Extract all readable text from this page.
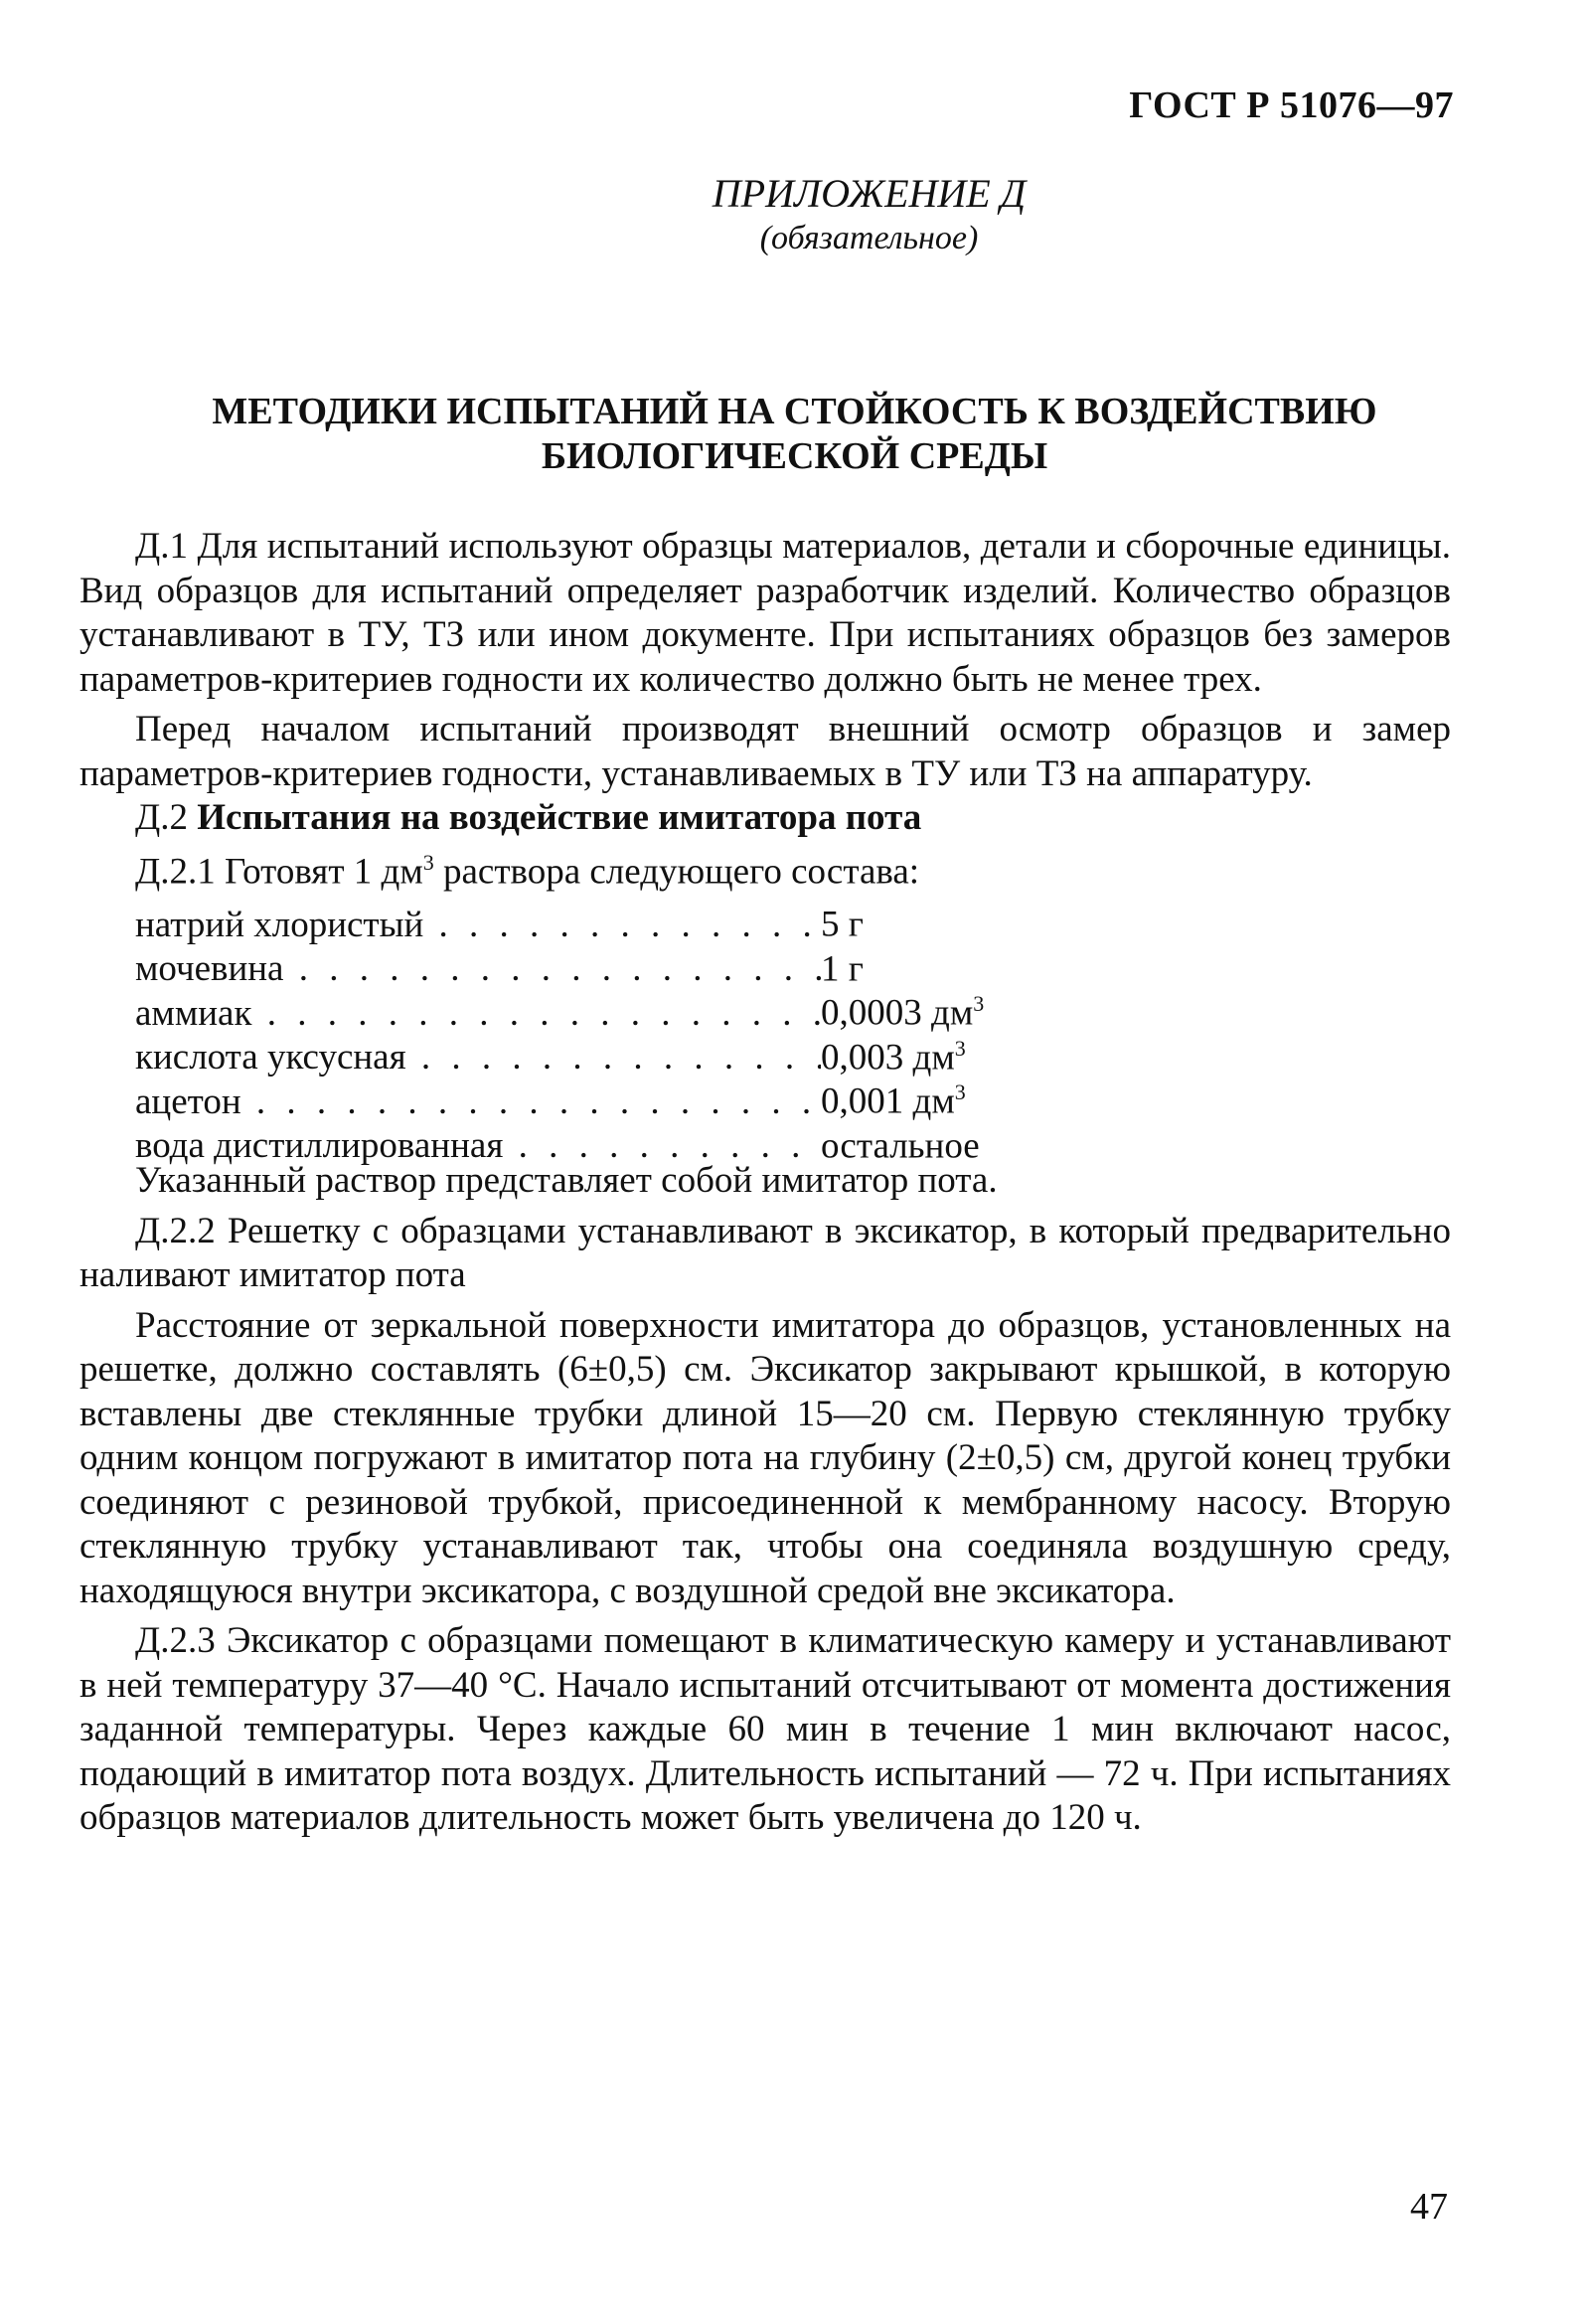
ГОСТ Р 51076—97
ПРИЛОЖЕНИЕ Д
(обязательное)
МЕТОДИКИ ИСПЫТАНИЙ НА СТОЙКОСТЬ К ВОЗДЕЙСТВИЮ
БИОЛОГИЧЕСКОЙ СРЕДЫ

Д.1 Для испытаний используют образцы материалов, детали и сборочные единицы. Вид образцов для испытаний определяет разработчик изделий. Количество образцов устанавливают в ТУ, ТЗ или ином документе. При испытаниях образцов без замеров параметров-критериев годности их количество должно быть не менее трех.

Перед началом испытаний производят внешний осмотр образцов и замер параметров-критериев годности, устанавливаемых в ТУ или ТЗ на аппаратуру.

Д.2 Испытания на воздействие имитатора пота

Д.2.1 Готовят 1 $дм^3$ раствора следующего состава:

натрий хлористый . . .	5 г
мочевина . . .	1 г
аммиак . . .	0,0003 $дм^3$
кислота уксусная . . .	0,003 $дм^3$
ацетон . . .	0,001 $дм^3$
вода дистиллированная . . .	остальное

Указанный раствор представляет собой имитатор пота.

Д.2.2 Решетку с образцами устанавливают в эксикатор, в который предварительно наливают имитатор пота

Расстояние от зеркальной поверхности имитатора до образцов, установленных на решетке, должно составлять (6±0,5) см. Эксикатор закрывают крышкой, в которую вставлены две стеклянные трубки длиной 15—20 см. Первую стеклянную трубку одним концом погружают в имитатор пота на глубину (2±0,5) см, другой конец трубки соединяют с резиновой трубкой, присоединенной к мембранному насосу. Вторую стеклянную трубку устанавливают так, чтобы она соединяла воздушную среду, находящуюся внутри эксикатора, с воздушной средой вне эксикатора.

Д.2.3 Эксикатор с образцами помещают в климатическую камеру и устанавливают в ней температуру 37—40 °С. Начало испытаний отсчитывают от момента достижения заданной температуры. Через каждые 60 мин в течение 1 мин включают насос, подающий в имитатор пота воздух. Длительность испытаний — 72 ч. При испытаниях образцов материалов длительность может быть увеличена до 120 ч.

47
